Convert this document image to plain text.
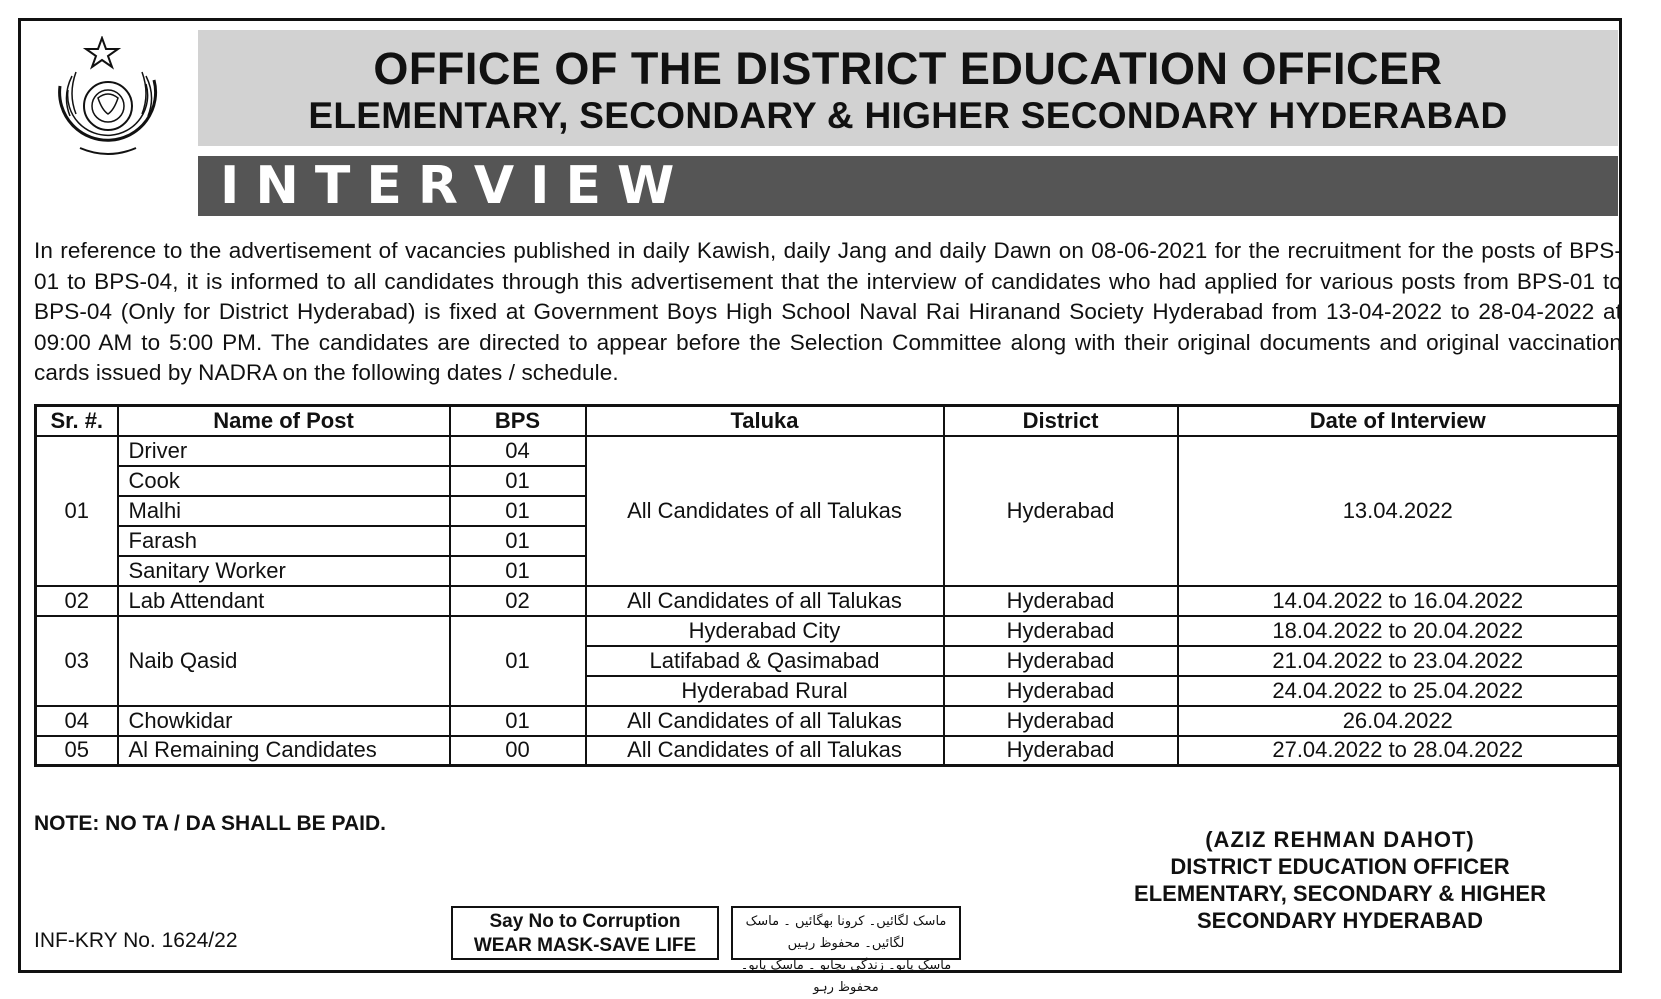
OFFICE OF THE DISTRICT EDUCATION OFFICER
ELEMENTARY, SECONDARY & HIGHER SECONDARY HYDERABAD
INTERVIEW
In reference to the advertisement of vacancies published in daily Kawish, daily Jang and daily Dawn on 08-06-2021 for the recruitment for the posts of BPS-01 to BPS-04, it is informed to all candidates through this advertisement that the interview of candidates who had applied for various posts from BPS-01 to BPS-04 (Only for District Hyderabad) is fixed at Government Boys High School Naval Rai Hiranand Society Hyderabad from 13-04-2022 to 28-04-2022 at 09:00 AM to 5:00 PM. The candidates are directed to appear before the Selection Committee along with their original documents and original vaccination cards issued by NADRA on the following dates / schedule.
Sr. #.	Name of Post	BPS	Taluka	District	Date of Interview
01	Driver	04	All Candidates of all Talukas	Hyderabad	13.04.2022
	Cook	01			
	Malhi	01			
	Farash	01			
	Sanitary Worker	01			
02	Lab Attendant	02	All Candidates of all Talukas	Hyderabad	14.04.2022 to 16.04.2022
03	Naib Qasid	01	Hyderabad City	Hyderabad	18.04.2022 to 20.04.2022
			Latifabad & Qasimabad	Hyderabad	21.04.2022 to 23.04.2022
			Hyderabad Rural	Hyderabad	24.04.2022 to 25.04.2022
04	Chowkidar	01	All Candidates of all Talukas	Hyderabad	26.04.2022
05	Al Remaining Candidates	00	All Candidates of all Talukas	Hyderabad	27.04.2022 to 28.04.2022
NOTE: NO TA / DA SHALL BE PAID.
(AZIZ REHMAN DAHOT)
DISTRICT EDUCATION OFFICER
ELEMENTARY, SECONDARY & HIGHER
SECONDARY HYDERABAD
INF-KRY No. 1624/22
Say No to Corruption
WEAR MASK-SAVE LIFE
ماسک لگائیں۔ کرونا بھگائیں ۔ ماسک لگائیں۔ محفوظ رہیں
ماسک پایو۔ زندگی بچایو ۔ ماسک پایو۔ محفوظ رہو
